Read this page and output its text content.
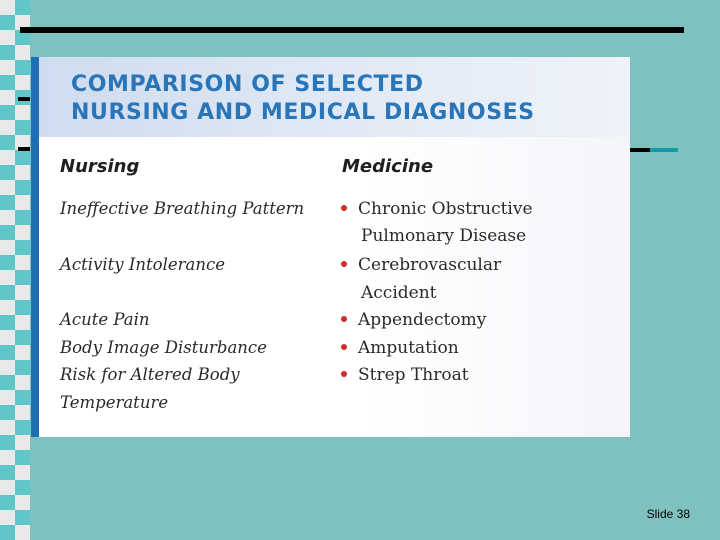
COMPARISON OF SELECTED
NURSING AND MEDICAL DIAGNOSES
Nursing	Medicine
Ineffective Breathing Pattern
Activity Intolerance
Acute Pain
Body Image Disturbance
Risk for Altered Body
Temperature
Chronic Obstructive
Pulmonary Disease
Cerebrovascular
Accident
Appendectomy
Amputation
Strep Throat
Slide 38
